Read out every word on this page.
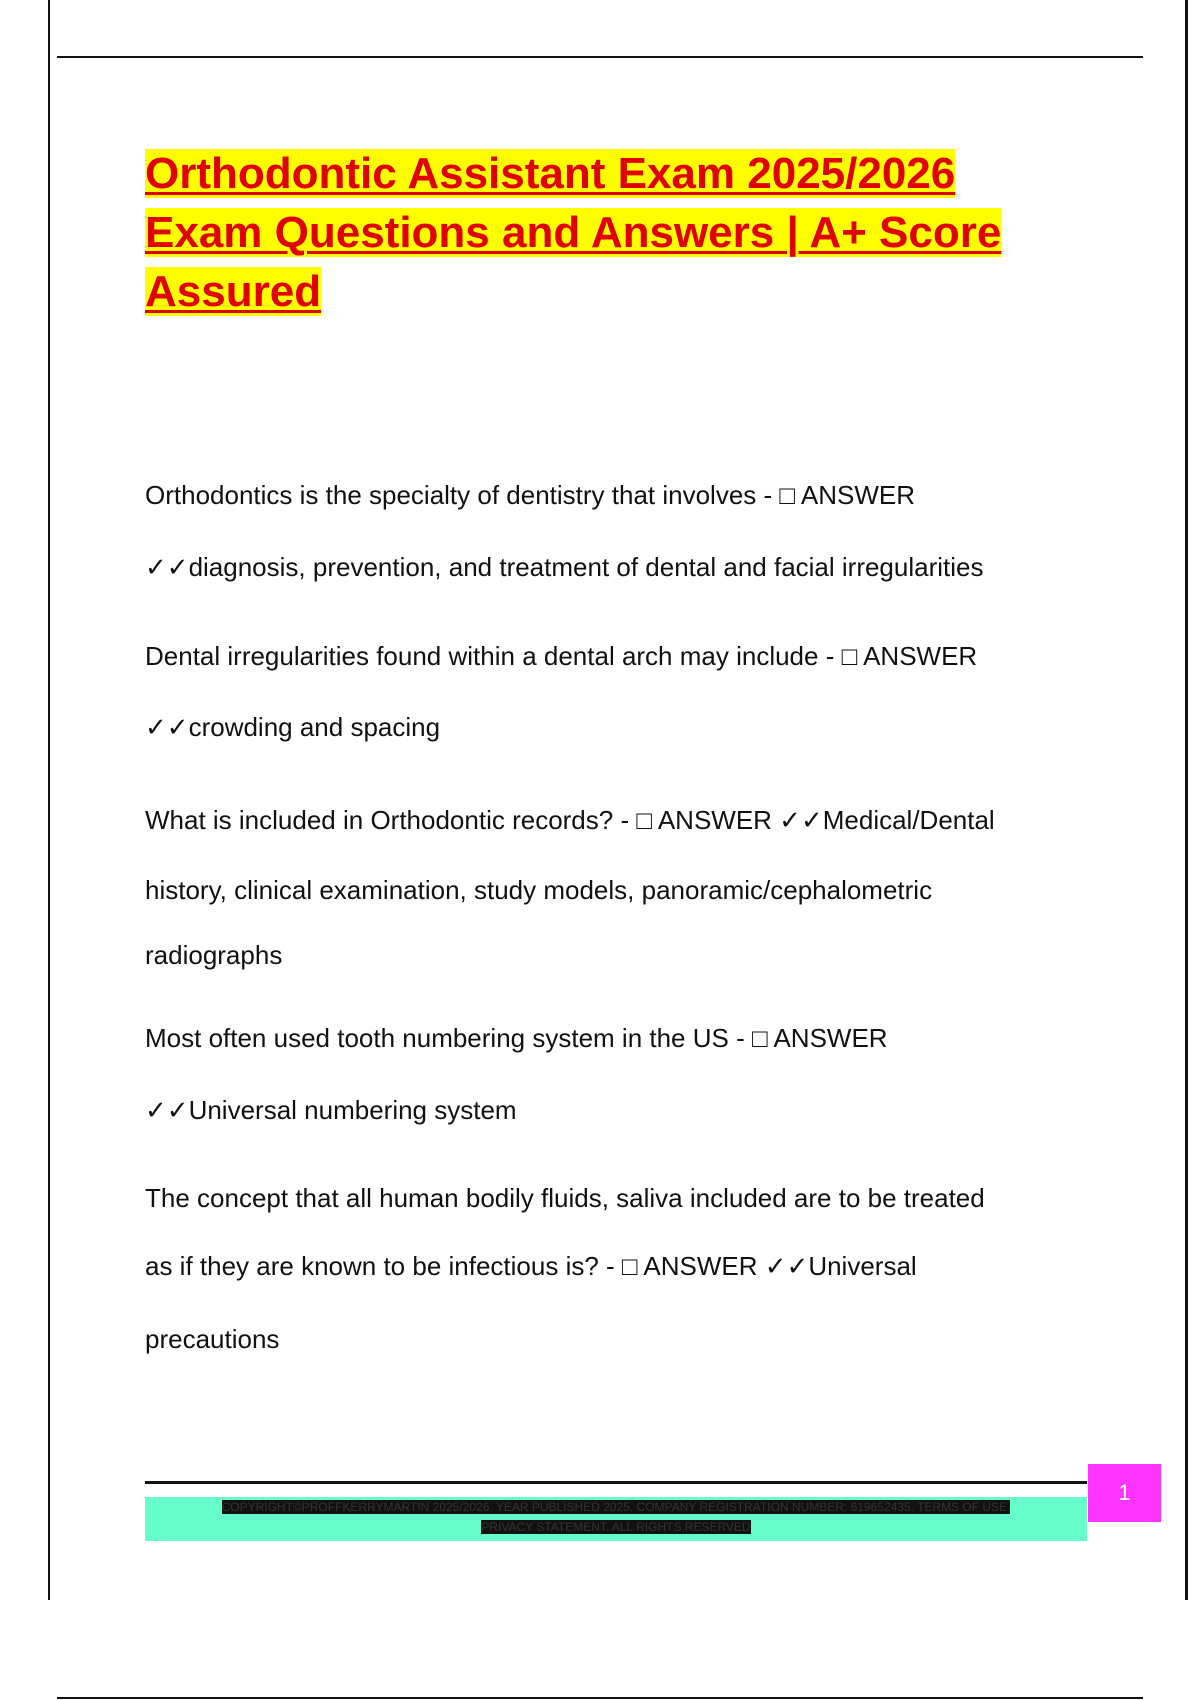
Orthodontic Assistant Exam 2025/2026
Exam Questions and Answers | A+ Score
Assured
Orthodontics is the specialty of dentistry that involves - □ ANSWER
✓✓diagnosis, prevention, and treatment of dental and facial irregularities
Dental irregularities found within a dental arch may include - □ ANSWER
✓✓crowding and spacing
What is included in Orthodontic records? - □ ANSWER ✓✓Medical/Dental
history, clinical examination, study models, panoramic/cephalometric
radiographs
Most often used tooth numbering system in the US - □ ANSWER
✓✓Universal numbering system
The concept that all human bodily fluids, saliva included are to be treated
as if they are known to be infectious is? - □ ANSWER ✓✓Universal
precautions
COPYRIGHT©PROFFKERRYMARTIN 2025/2026. YEAR PUBLISHED 2025. COMPANY REGISTRATION NUMBER: 619652435. TERMS OF USE.
PRIVACY STATEMENT. ALL RIGHTS RESERVED
1
